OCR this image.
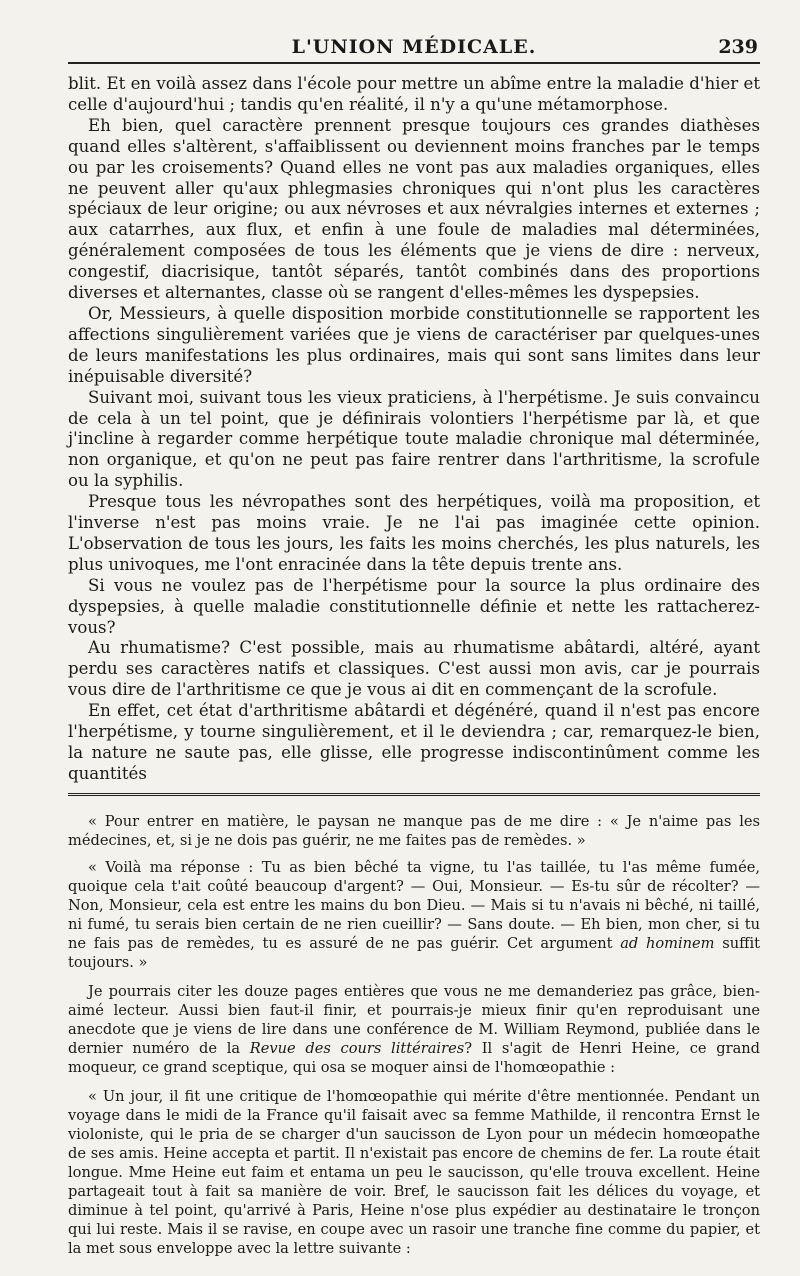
L'UNION MÉDICALE.	239

blit. Et en voilà assez dans l'école pour mettre un abîme entre la maladie d'hier et celle d'aujourd'hui ; tandis qu'en réalité, il n'y a qu'une métamorphose.

Eh bien, quel caractère prennent presque toujours ces grandes diathèses quand elles s'altèrent, s'affaiblissent ou deviennent moins franches par le temps ou par les croisements? Quand elles ne vont pas aux maladies organiques, elles ne peuvent aller qu'aux phlegmasies chroniques qui n'ont plus les caractères spéciaux de leur origine; ou aux névroses et aux névralgies internes et externes ; aux catarrhes, aux flux, et enfin à une foule de maladies mal déterminées, généralement composées de tous les éléments que je viens de dire : nerveux, congestif, diacrisique, tantôt séparés, tantôt combinés dans des proportions diverses et alternantes, classe où se rangent d'elles-mêmes les dyspepsies.

Or, Messieurs, à quelle disposition morbide constitutionnelle se rapportent les affections singulièrement variées que je viens de caractériser par quelques-unes de leurs manifestations les plus ordinaires, mais qui sont sans limites dans leur inépuisable diversité?

Suivant moi, suivant tous les vieux praticiens, à l'herpétisme. Je suis convaincu de cela à un tel point, que je définirais volontiers l'herpétisme par là, et que j'incline à regarder comme herpétique toute maladie chronique mal déterminée, non organique, et qu'on ne peut pas faire rentrer dans l'arthritisme, la scrofule ou la syphilis.

Presque tous les névropathes sont des herpétiques, voilà ma proposition, et l'inverse n'est pas moins vraie. Je ne l'ai pas imaginée cette opinion. L'observation de tous les jours, les faits les moins cherchés, les plus naturels, les plus univoques, me l'ont enracinée dans la tête depuis trente ans.

Si vous ne voulez pas de l'herpétisme pour la source la plus ordinaire des dyspepsies, à quelle maladie constitutionnelle définie et nette les rattacherez-vous?

Au rhumatisme? C'est possible, mais au rhumatisme abâtardi, altéré, ayant perdu ses caractères natifs et classiques. C'est aussi mon avis, car je pourrais vous dire de l'arthritisme ce que je vous ai dit en commençant de la scrofule.

En effet, cet état d'arthritisme abâtardi et dégénéré, quand il n'est pas encore l'herpétisme, y tourne singulièrement, et il le deviendra ; car, remarquez-le bien, la nature ne saute pas, elle glisse, elle progresse indiscontinûment comme les quantités

« Pour entrer en matière, le paysan ne manque pas de me dire : « Je n'aime pas les médecines, et, si je ne dois pas guérir, ne me faites pas de remèdes. »

« Voilà ma réponse : Tu as bien bêché ta vigne, tu l'as taillée, tu l'as même fumée, quoique cela t'ait coûté beaucoup d'argent? — Oui, Monsieur. — Es-tu sûr de récolter? — Non, Monsieur, cela est entre les mains du bon Dieu. — Mais si tu n'avais ni bêché, ni taillé, ni fumé, tu serais bien certain de ne rien cueillir? — Sans doute. — Eh bien, mon cher, si tu ne fais pas de remèdes, tu es assuré de ne pas guérir. Cet argument ad hominem suffit toujours. »

Je pourrais citer les douze pages entières que vous ne me demanderiez pas grâce, bien-aimé lecteur. Aussi bien faut-il finir, et pourrais-je mieux finir qu'en reproduisant une anecdote que je viens de lire dans une conférence de M. William Reymond, publiée dans le dernier numéro de la Revue des cours littéraires? Il s'agit de Henri Heine, ce grand moqueur, ce grand sceptique, qui osa se moquer ainsi de l'homœopathie :

« Un jour, il fit une critique de l'homœopathie qui mérite d'être mentionnée. Pendant un voyage dans le midi de la France qu'il faisait avec sa femme Mathilde, il rencontra Ernst le violoniste, qui le pria de se charger d'un saucisson de Lyon pour un médecin homœopathe de ses amis. Heine accepta et partit. Il n'existait pas encore de chemins de fer. La route était longue. Mme Heine eut faim et entama un peu le saucisson, qu'elle trouva excellent. Heine partageait tout à fait sa manière de voir. Bref, le saucisson fait les délices du voyage, et diminue à tel point, qu'arrivé à Paris, Heine n'ose plus expédier au destinataire le tronçon qui lui reste. Mais il se ravise, en coupe avec un rasoir une tranche fine comme du papier, et la met sous enveloppe avec la lettre suivante :
